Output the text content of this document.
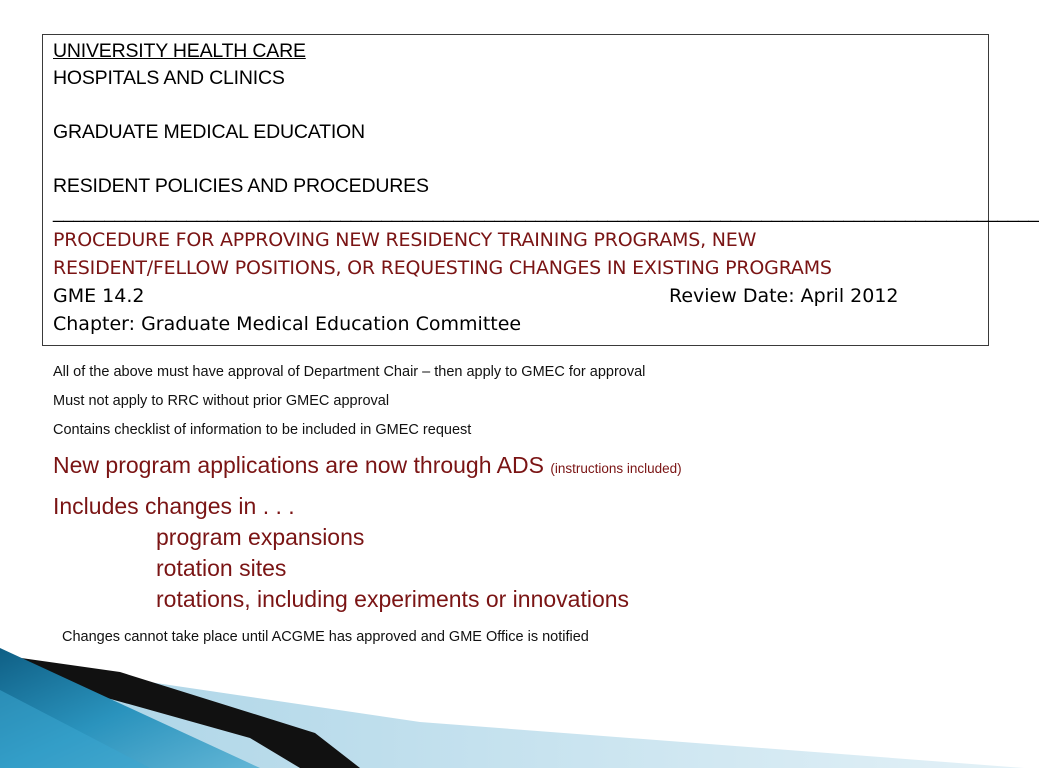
UNIVERSITY HEALTH CARE
HOSPITALS AND CLINICS
GRADUATE MEDICAL EDUCATION
RESIDENT POLICIES AND PROCEDURES
________________________________________________________________________________________________
PROCEDURE FOR APPROVING NEW RESIDENCY TRAINING PROGRAMS, NEW
RESIDENT/FELLOW POSITIONS, OR REQUESTING CHANGES IN EXISTING PROGRAMS
GME 14.2	Review Date: April 2012
Chapter: Graduate Medical Education Committee
All of the above must have approval of Department Chair – then apply to GMEC for approval
Must not apply to RRC without prior GMEC approval
Contains checklist of information to be included in GMEC request
New program applications are now through ADS (instructions included)
Includes changes in . . .
program expansions
rotation sites
rotations, including experiments or innovations
Changes cannot take place until ACGME has approved and GME Office is notified
